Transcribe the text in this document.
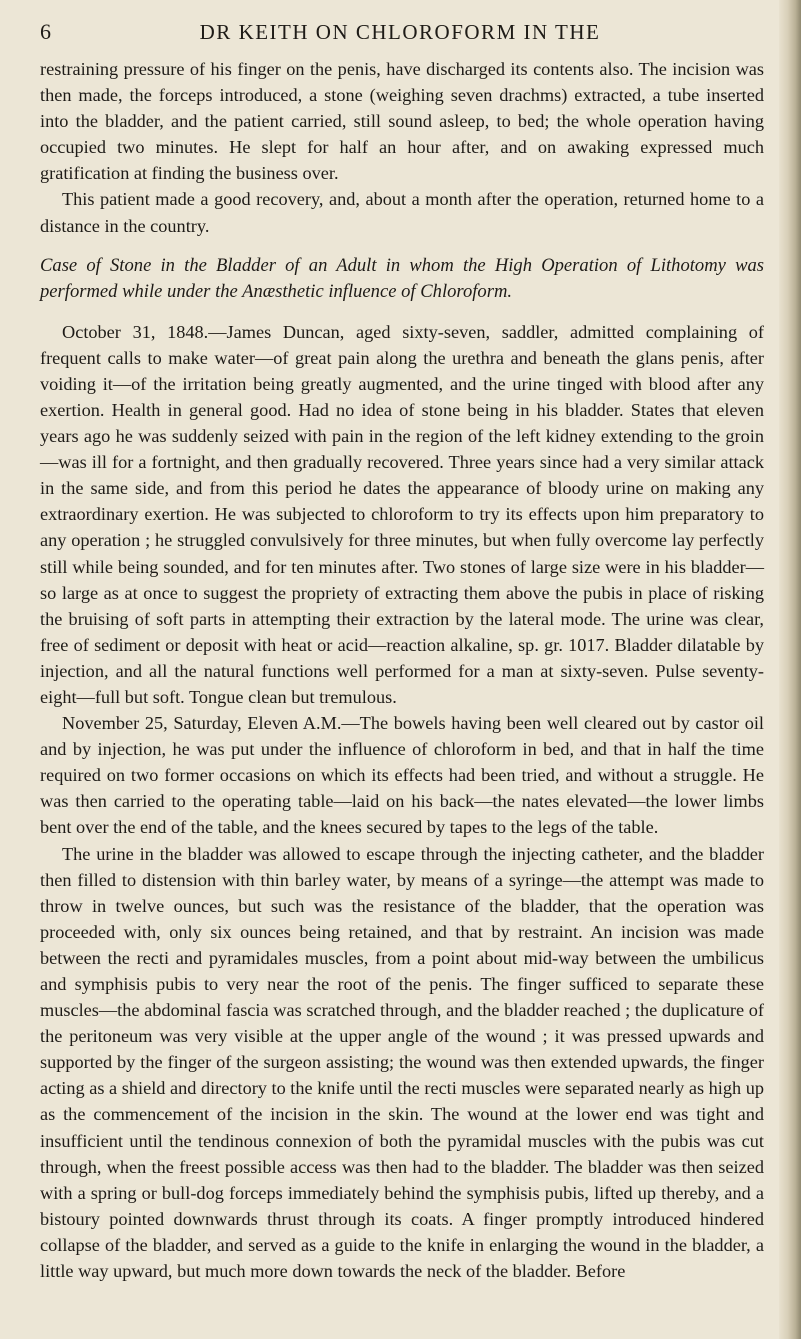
6	DR KEITH ON CHLOROFORM IN THE

restraining pressure of his finger on the penis, have discharged its contents also. The incision was then made, the forceps introduced, a stone (weighing seven drachms) extracted, a tube inserted into the bladder, and the patient carried, still sound asleep, to bed; the whole operation having occupied two minutes. He slept for half an hour after, and on awaking expressed much gratification at finding the business over.

This patient made a good recovery, and, about a month after the operation, returned home to a distance in the country.

Case of Stone in the Bladder of an Adult in whom the High Operation of Lithotomy was performed while under the Anæsthetic influence of Chloroform.

October 31, 1848.—James Duncan, aged sixty-seven, saddler, admitted complaining of frequent calls to make water—of great pain along the urethra and beneath the glans penis, after voiding it—of the irritation being greatly augmented, and the urine tinged with blood after any exertion. Health in general good. Had no idea of stone being in his bladder. States that eleven years ago he was suddenly seized with pain in the region of the left kidney extending to the groin—was ill for a fortnight, and then gradually recovered. Three years since had a very similar attack in the same side, and from this period he dates the appearance of bloody urine on making any extraordinary exertion. He was subjected to chloroform to try its effects upon him preparatory to any operation ; he struggled convulsively for three minutes, but when fully overcome lay perfectly still while being sounded, and for ten minutes after. Two stones of large size were in his bladder—so large as at once to suggest the propriety of extracting them above the pubis in place of risking the bruising of soft parts in attempting their extraction by the lateral mode. The urine was clear, free of sediment or deposit with heat or acid—reaction alkaline, sp. gr. 1017. Bladder dilatable by injection, and all the natural functions well performed for a man at sixty-seven. Pulse seventy-eight—full but soft. Tongue clean but tremulous.

November 25, Saturday, Eleven A.M.—The bowels having been well cleared out by castor oil and by injection, he was put under the influence of chloroform in bed, and that in half the time required on two former occasions on which its effects had been tried, and without a struggle. He was then carried to the operating table—laid on his back—the nates elevated—the lower limbs bent over the end of the table, and the knees secured by tapes to the legs of the table.

The urine in the bladder was allowed to escape through the injecting catheter, and the bladder then filled to distension with thin barley water, by means of a syringe—the attempt was made to throw in twelve ounces, but such was the resistance of the bladder, that the operation was proceeded with, only six ounces being retained, and that by restraint. An incision was made between the recti and pyramidales muscles, from a point about mid-way between the umbilicus and symphisis pubis to very near the root of the penis. The finger sufficed to separate these muscles—the abdominal fascia was scratched through, and the bladder reached ; the duplicature of the peritoneum was very visible at the upper angle of the wound ; it was pressed upwards and supported by the finger of the surgeon assisting; the wound was then extended upwards, the finger acting as a shield and directory to the knife until the recti muscles were separated nearly as high up as the commencement of the incision in the skin. The wound at the lower end was tight and insufficient until the tendinous connexion of both the pyramidal muscles with the pubis was cut through, when the freest possible access was then had to the bladder. The bladder was then seized with a spring or bull-dog forceps immediately behind the symphisis pubis, lifted up thereby, and a bistoury pointed downwards thrust through its coats. A finger promptly introduced hindered collapse of the bladder, and served as a guide to the knife in enlarging the wound in the bladder, a little way upward, but much more down towards the neck of the bladder. Before
